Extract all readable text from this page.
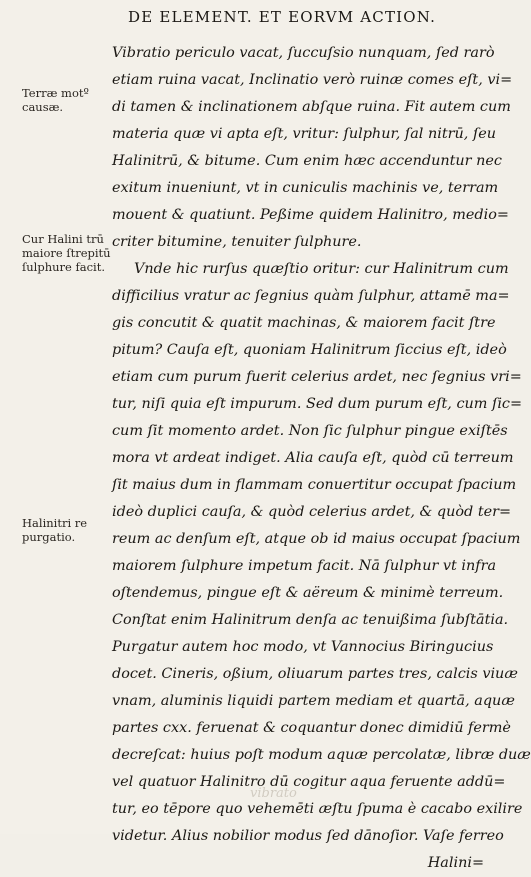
DE ELEMENT. ET EORVM ACTION.
Terræ motº causæ.
Cur Halini trū maiore ſtrepitū ſulphure facit.
Halinitri re purgatio.
Vibratio periculo vacat, ſuccuſsio nunquam, ſed rarò
etiam ruina vacat, Inclinatio verò ruinæ comes eſt, vi=
di tamen & inclinationem abſque ruina. Fit autem cum
materia quæ vi apta eſt, vritur: ſulphur, ſal nitrū, ſeu
Halinitrū, & bitume. Cum enim hæc accenduntur nec
exitum inueniunt, vt in cuniculis machinis ve, terram
mouent & quatiunt. Peßime quidem Halinitro, medio=
criter bitumine, tenuiter ſulphure.
Vnde hic rurſus quæſtio oritur: cur Halinitrum cum
difficilius vratur ac ſegnius quàm ſulphur, attamē ma=
gis concutit & quatit machinas, & maiorem facit ſtre
pitum? Cauſa eſt, quoniam Halinitrum ſiccius eſt, ideò
etiam cum purum fuerit celerius ardet, nec ſegnius vri=
tur, niſi quia eſt impurum. Sed dum purum eſt, cum ſic=
cum ſit momento ardet. Non ſic ſulphur pingue exiſtēs
mora vt ardeat indiget. Alia cauſa eſt, quòd cū terreum
ſit maius dum in flammam conuertitur occupat ſpacium
ideò duplici cauſa, & quòd celerius ardet, & quòd ter=
reum ac denſum eſt, atque ob id maius occupat ſpacium
maiorem ſulphure impetum facit. Nā ſulphur vt infra
oſtendemus, pingue eſt & aëreum & minimè terreum.
Conſtat enim Halinitrum denſa ac tenuißima ſubſtātia.
Purgatur autem hoc modo, vt Vannocius Biringucius
docet. Cineris, oßium, oliuarum partes tres, calcis viuæ
vnam, aluminis liquidi partem mediam et quartā, aquæ
partes cxx. feruenat & coquantur donec dimidiū fermè
decreſcat: huius poſt modum aquæ percolatæ, libræ duæ
vel quatuor Halinitro dū cogitur aqua feruente addū=
tur, eo tēpore quo vehemēti æſtu ſpuma è cacabo exilire
videtur. Alius nobilior modus ſed dānoſior. Vaſe ferreo
Halini=
vibrato
